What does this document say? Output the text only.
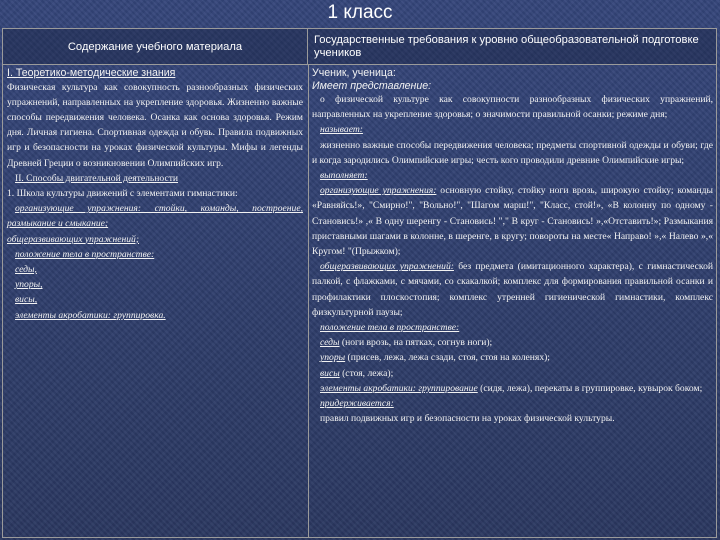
1 класс
Содержание учебного материала
Государственные требования к уровню общеобразовательной подготовке учеников

I. Теоретико-методические знания

Физическая культура как совокупность разнообразных физических упражнений, направленных на укрепление здоровья. Жизненно важные способы передвижения человека. Осанка как основа здоровья. Режим дня. Личная гигиена. Спортивная одежда и обувь. Правила подвижных игр и безопасности на уроках физической культуры. Мифы и легенды Древней Греции о возникновении Олимпийских игр.

II. Способы двигательной деятельности

1. Школа культуры движений с элементами гимнастики:

организующие упражнения: стойки, команды, построение, размыкание и смыкание;

общеразвивающих упражнений;

положение тела в пространстве:

седы,

упоры,

висы,

элементы акробатики: группировка.

Ученик, ученица:

Имеет представление:

о физической культуре как совокупности разнообразных физических упражнений, направленных на укрепление здоровья; о значимости правильной осанки; режиме дня;

называет:

жизненно важные способы передвижения человека; предметы спортивной одежды и обуви; где и когда зародились Олимпийские игры; честь кого проводили древние Олимпийские игры;

выполняет:

организующие упражнения: основную стойку, стойку ноги врозь, широкую стойку; команды «Равняйсь!», "Смирно!", "Вольно!", "Шагом марш!", "Класс, стой!», «В колонну по одному - Становись!» ,« В одну шеренгу - Становись! "," В круг - Становись! »,«Отставить!»; Размыкания приставными шагами в колонне, в шеренге, в кругу; повороты на месте« Направо! »,« Налево »,« Кругом! "(Прыжком);

общеразвивающих упражнений: без предмета (имитационного характера), с гимнастической палкой, с флажками, с мячами, со скакалкой; комплекс для формирования правильной осанки и профилактики плоскостопия; комплекс утренней гигиенической гимнастики, комплекс физкультурной паузы;

положение тела в пространстве:

седы (ноги врозь, на пятках, согнув ноги);

упоры (присев, лежа, лежа сзади, стоя, стоя на коленях);

висы (стоя, лежа);

элементы акробатики: группирование (сидя, лежа), перекаты в группировке, кувырок боком;

придерживается:

правил подвижных игр и безопасности на уроках физической культуры.
